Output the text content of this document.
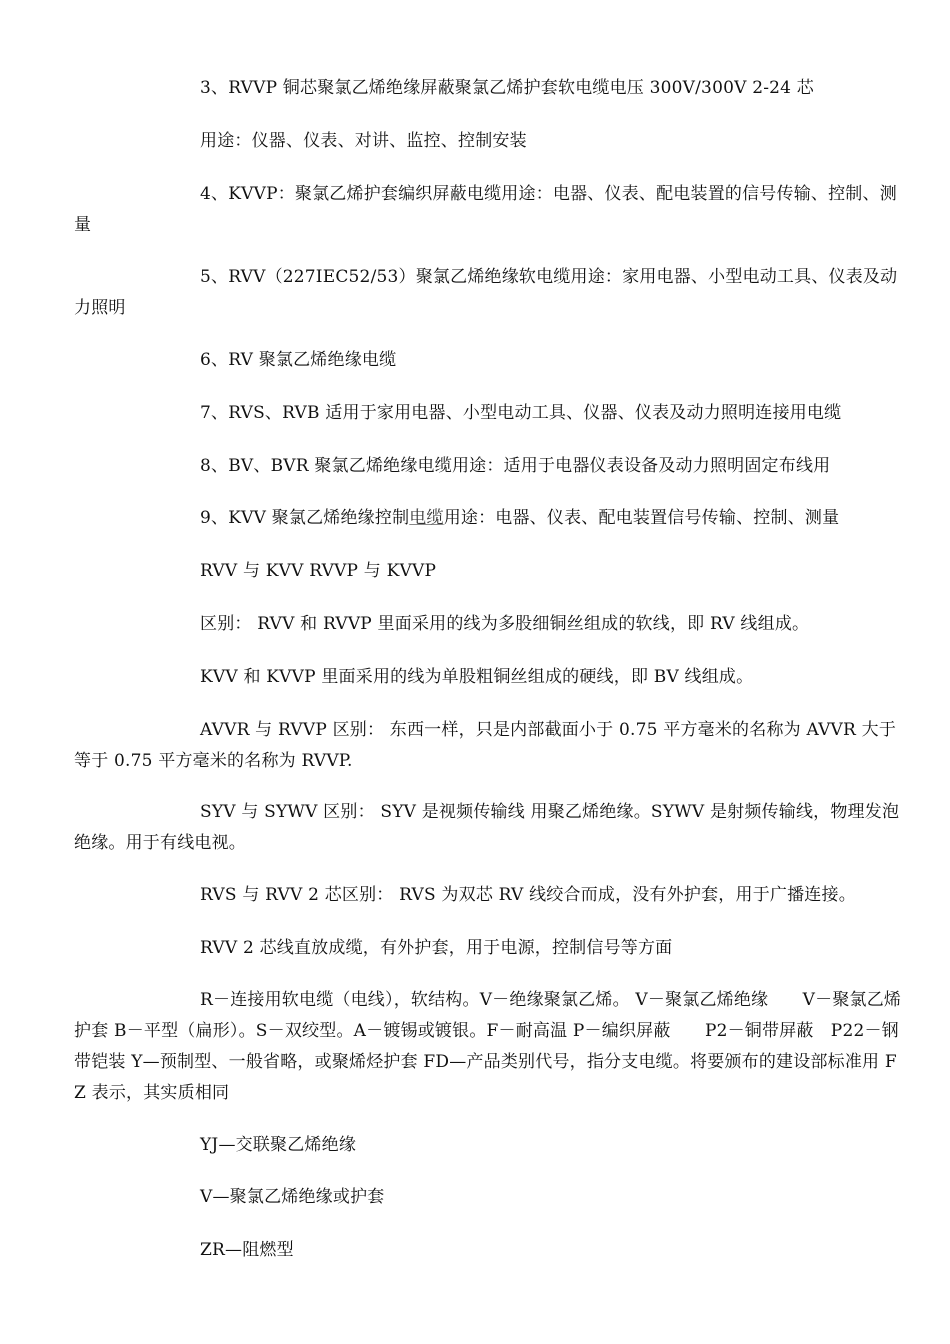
3、RVVP 铜芯聚氯乙烯绝缘屏蔽聚氯乙烯护套软电缆电压 300V/300V 2-24 芯

用途：仪器、仪表、对讲、监控、控制安装

4、KVVP：聚氯乙烯护套编织屏蔽电缆用途：电器、仪表、配电装置的信号传输、控制、测量

5、RVV（227IEC52/53）聚氯乙烯绝缘软电缆用途：家用电器、小型电动工具、仪表及动力照明

6、RV 聚氯乙烯绝缘电缆

7、RVS、RVB 适用于家用电器、小型电动工具、仪器、仪表及动力照明连接用电缆

8、BV、BVR 聚氯乙烯绝缘电缆用途：适用于电器仪表设备及动力照明固定布线用

9、KVV 聚氯乙烯绝缘控制电缆用途：电器、仪表、配电装置信号传输、控制、测量

RVV 与 KVV RVVP 与 KVVP

区别： RVV 和 RVVP 里面采用的线为多股细铜丝组成的软线，即 RV 线组成。

KVV 和 KVVP 里面采用的线为单股粗铜丝组成的硬线，即 BV 线组成。

AVVR 与 RVVP 区别： 东西一样，只是内部截面小于 0.75 平方毫米的名称为 AVVR 大于等于 0.75 平方毫米的名称为 RVVP.

SYV 与 SYWV 区别： SYV 是视频传输线 用聚乙烯绝缘。SYWV 是射频传输线，物理发泡绝缘。用于有线电视。

RVS 与 RVV 2 芯区别： RVS 为双芯 RV 线绞合而成，没有外护套，用于广播连接。

RVV 2 芯线直放成缆，有外护套，用于电源，控制信号等方面

R－连接用软电缆（电线），软结构。V－绝缘聚氯乙烯。 V－聚氯乙烯绝缘　　V－聚氯乙烯护套 B－平型（扁形）。S－双绞型。A－镀锡或镀银。F－耐高温 P－编织屏蔽　　P2－铜带屏蔽　P22－钢带铠装 Y—预制型、一般省略，或聚烯烃护套 FD—产品类别代号，指分支电缆。将要颁布的建设部标准用 FZ 表示，其实质相同

YJ—交联聚乙烯绝缘

V—聚氯乙烯绝缘或护套

ZR—阻燃型
